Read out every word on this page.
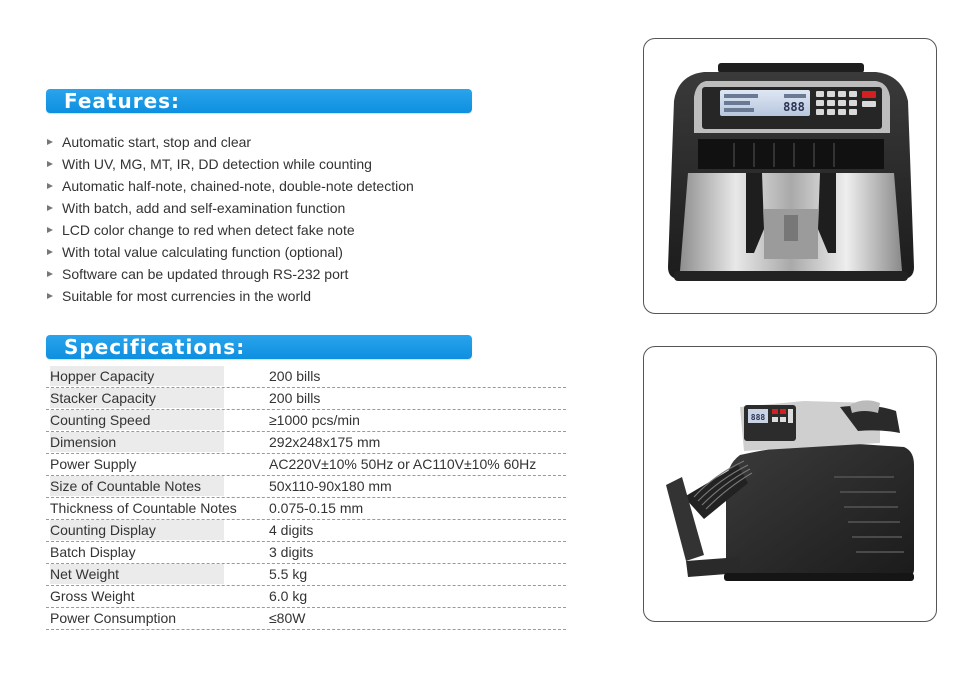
Features:
Automatic start, stop and clear
With UV, MG, MT, IR, DD detection while counting
Automatic half-note, chained-note, double-note detection
With batch, add and self-examination function
LCD color change to red when detect fake note
With total value calculating function (optional)
Software can be updated through RS-232 port
Suitable for most currencies in the world
Specifications:
Hopper Capacity	200 bills
Stacker Capacity	200 bills
Counting Speed	≥1000 pcs/min
Dimension	292x248x175 mm
Power Supply	AC220V±10% 50Hz or AC110V±10% 60Hz
Size of Countable Notes	50x110-90x180 mm
Thickness of Countable Notes 0.075-0.15 mm
Counting Display	4 digits
Batch Display	3 digits
Net Weight	5.5 kg
Gross Weight	6.0 kg
Power Consumption	≤80W
888
888
